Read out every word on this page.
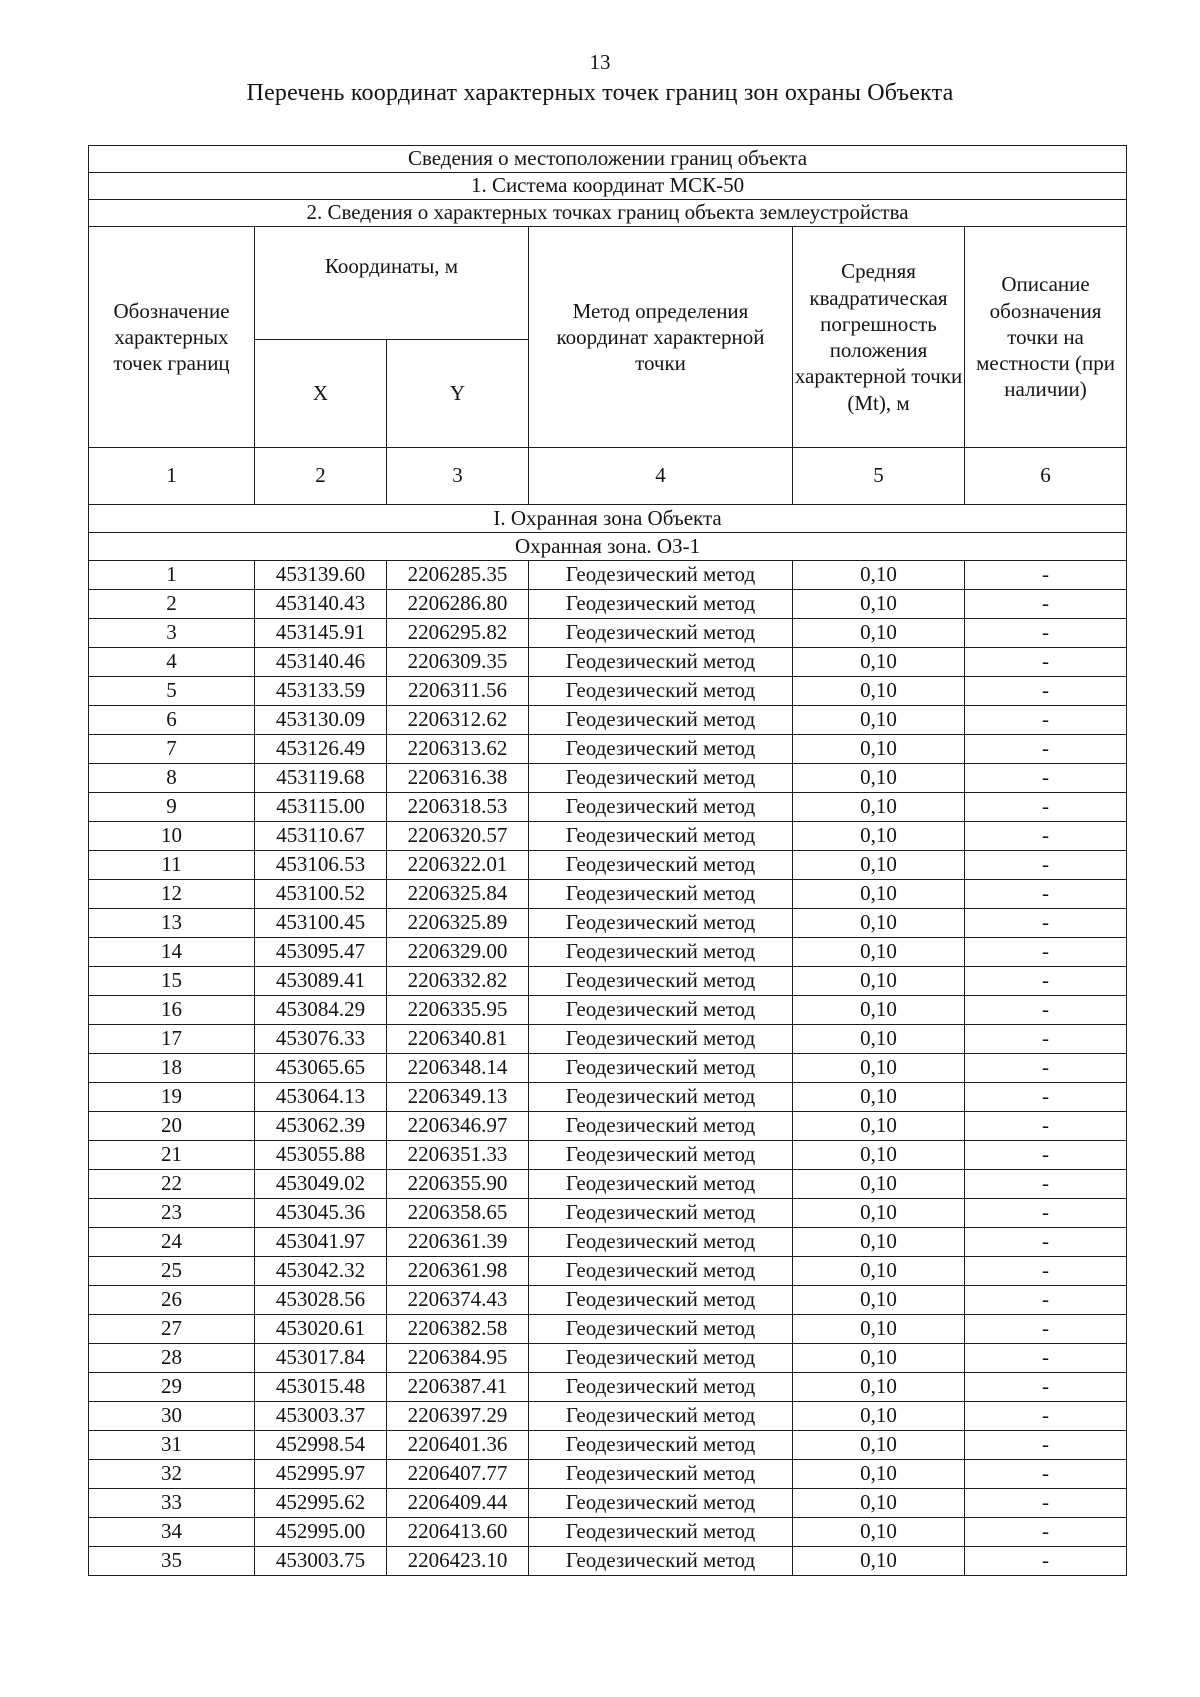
13
Перечень координат характерных точек границ зон охраны Объекта
Сведения о местоположении границ объекта					
1. Система координат МСК-50					
2. Сведения о характерных точках границ объекта землеустройства					
Обозначение характерных точек границ	Координаты, м		Метод определения координат характерной точки	Средняя квадратическая погрешность положения характерной точки (Mt), м	Описание обозначения точки на местности (при наличии)
	X	Y			
1	2	3	4	5	6
I. Охранная зона Объекта					
Охранная зона. ОЗ-1					
1	453139.60	2206285.35	Геодезический метод	0,10	-
2	453140.43	2206286.80	Геодезический метод	0,10	-
3	453145.91	2206295.82	Геодезический метод	0,10	-
4	453140.46	2206309.35	Геодезический метод	0,10	-
5	453133.59	2206311.56	Геодезический метод	0,10	-
6	453130.09	2206312.62	Геодезический метод	0,10	-
7	453126.49	2206313.62	Геодезический метод	0,10	-
8	453119.68	2206316.38	Геодезический метод	0,10	-
9	453115.00	2206318.53	Геодезический метод	0,10	-
10	453110.67	2206320.57	Геодезический метод	0,10	-
11	453106.53	2206322.01	Геодезический метод	0,10	-
12	453100.52	2206325.84	Геодезический метод	0,10	-
13	453100.45	2206325.89	Геодезический метод	0,10	-
14	453095.47	2206329.00	Геодезический метод	0,10	-
15	453089.41	2206332.82	Геодезический метод	0,10	-
16	453084.29	2206335.95	Геодезический метод	0,10	-
17	453076.33	2206340.81	Геодезический метод	0,10	-
18	453065.65	2206348.14	Геодезический метод	0,10	-
19	453064.13	2206349.13	Геодезический метод	0,10	-
20	453062.39	2206346.97	Геодезический метод	0,10	-
21	453055.88	2206351.33	Геодезический метод	0,10	-
22	453049.02	2206355.90	Геодезический метод	0,10	-
23	453045.36	2206358.65	Геодезический метод	0,10	-
24	453041.97	2206361.39	Геодезический метод	0,10	-
25	453042.32	2206361.98	Геодезический метод	0,10	-
26	453028.56	2206374.43	Геодезический метод	0,10	-
27	453020.61	2206382.58	Геодезический метод	0,10	-
28	453017.84	2206384.95	Геодезический метод	0,10	-
29	453015.48	2206387.41	Геодезический метод	0,10	-
30	453003.37	2206397.29	Геодезический метод	0,10	-
31	452998.54	2206401.36	Геодезический метод	0,10	-
32	452995.97	2206407.77	Геодезический метод	0,10	-
33	452995.62	2206409.44	Геодезический метод	0,10	-
34	452995.00	2206413.60	Геодезический метод	0,10	-
35	453003.75	2206423.10	Геодезический метод	0,10	-
